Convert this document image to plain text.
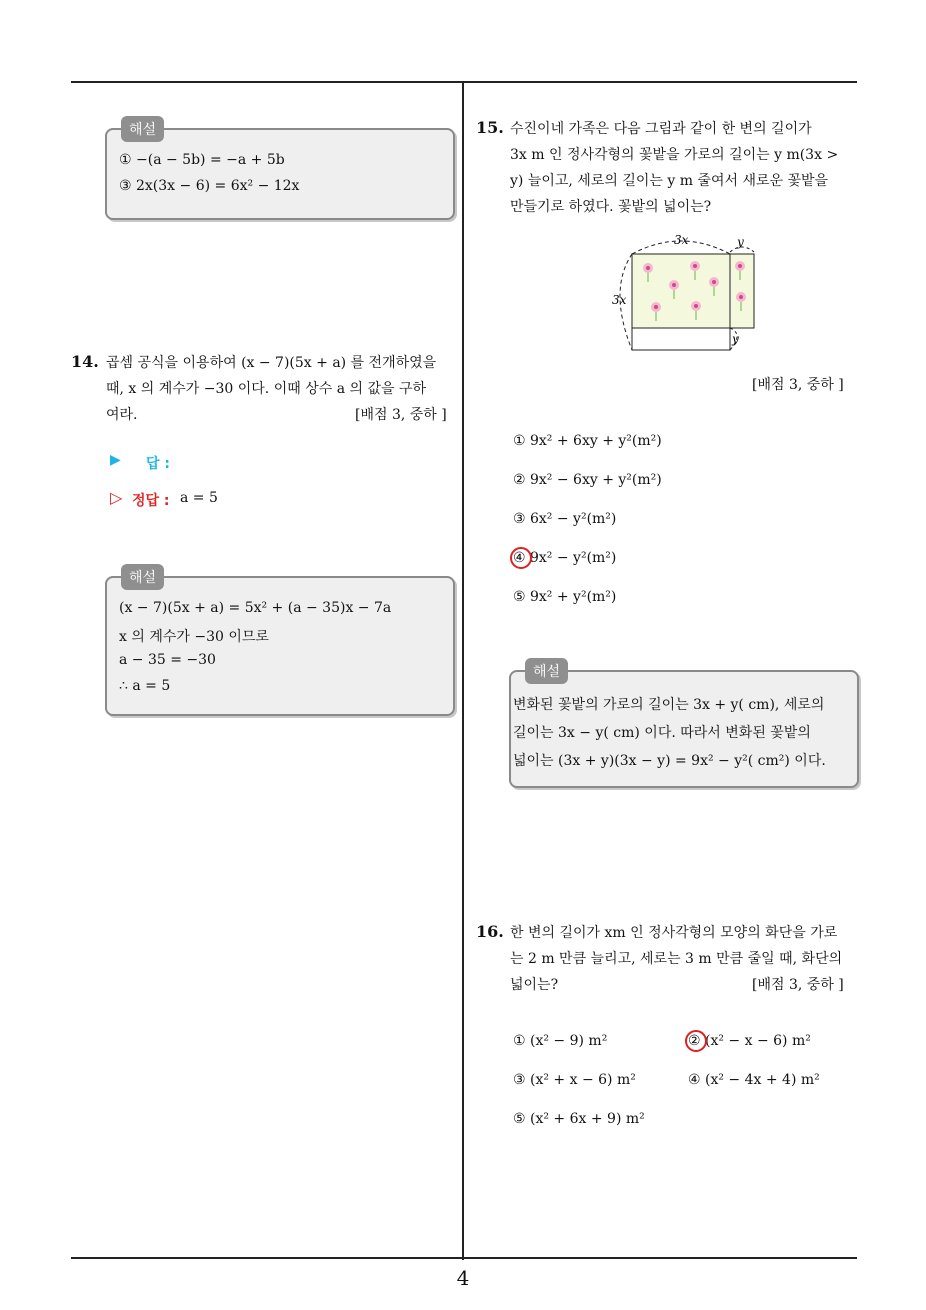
해설
① −(a − 5b) = −a + 5b
③ 2x(3x − 6) = 6x² − 12x
14. 곱셈 공식을 이용하여 (x − 7)(5x + a) 를 전개하였을
때, x 의 계수가 −30 이다. 이때 상수 a 의 값을 구하
여라.	[배점 3, 중하 ]
▶ 답 :
▷ 정답 : a = 5
해설
(x − 7)(5x + a) = 5x² + (a − 35)x − 7a
x 의 계수가 −30 이므로
a − 35 = −30
∴ a = 5
15. 수진이네 가족은 다음 그림과 같이 한 변의 길이가
3x m 인 정사각형의 꽃밭을 가로의 길이는 y m(3x >
y) 늘이고, 세로의 길이는 y m 줄여서 새로운 꽃밭을
만들기로 하였다. 꽃밭의 넓이는?
3x	y
3x
y
[배점 3, 중하 ]
① 9x² + 6xy + y²(m²)
② 9x² − 6xy + y²(m²)
③ 6x² − y²(m²)
④ 9x² − y²(m²)
⑤ 9x² + y²(m²)
해설
변화된 꽃밭의 가로의 길이는 3x + y( cm), 세로의
길이는 3x − y( cm) 이다. 따라서 변화된 꽃밭의
넓이는 (3x + y)(3x − y) = 9x² − y²( cm²) 이다.
16. 한 변의 길이가 xm 인 정사각형의 모양의 화단을 가로
는 2 m 만큼 늘리고, 세로는 3 m 만큼 줄일 때, 화단의
넓이는?	[배점 3, 중하 ]
① (x² − 9) m²	② (x² − x − 6) m²
③ (x² + x − 6) m²	④ (x² − 4x + 4) m²
⑤ (x² + 6x + 9) m²
4
